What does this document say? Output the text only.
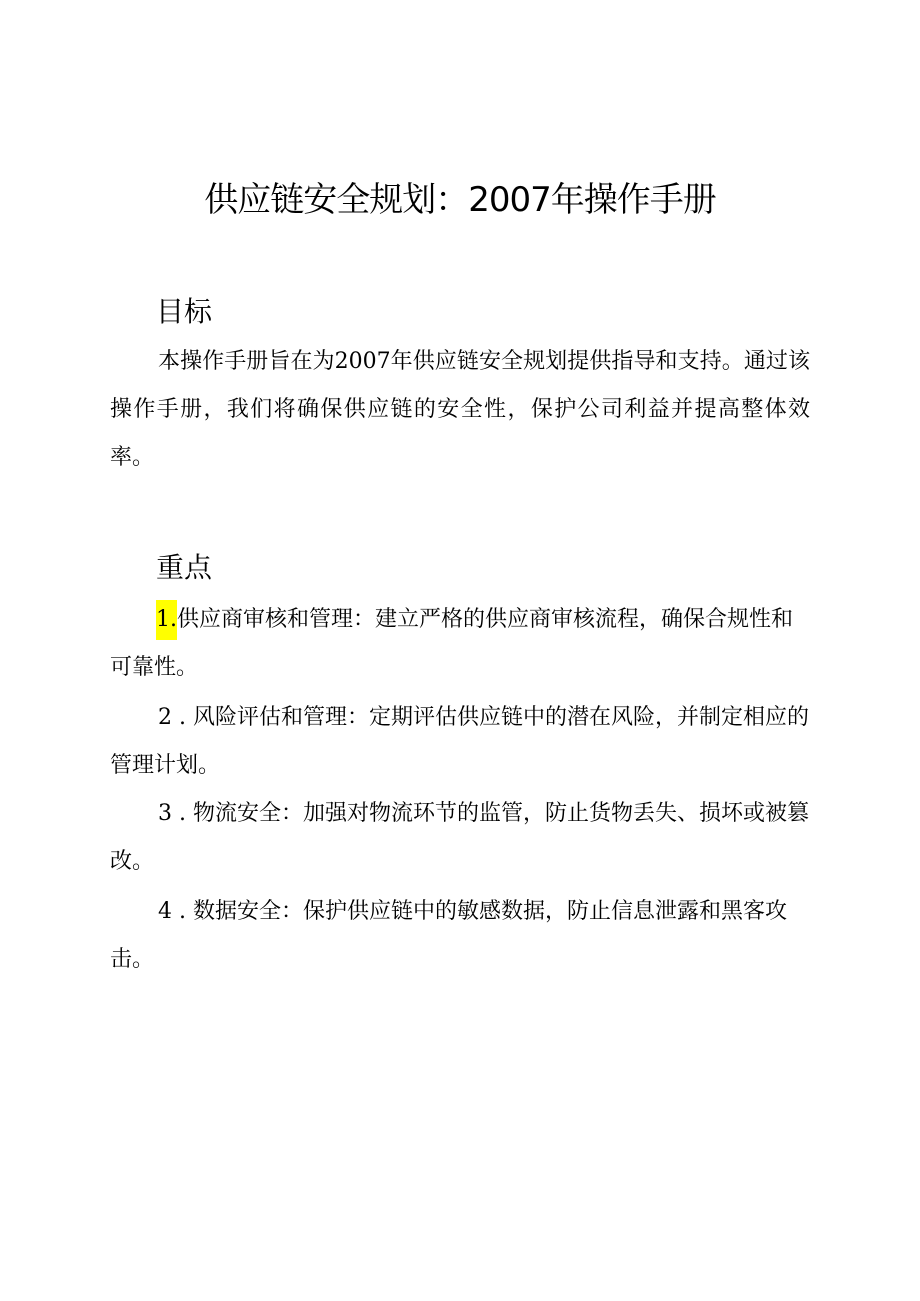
供应链安全规划：2007年操作手册
目标

本操作手册旨在为2007年供应链安全规划提供指导和支持。通过该操作手册，我们将确保供应链的安全性，保护公司利益并提高整体效率。

重点

1.供应商审核和管理：建立严格的供应商审核流程，确保合规性和可靠性。

2 . 风险评估和管理：定期评估供应链中的潜在风险，并制定相应的管理计划。

3 . 物流安全：加强对物流环节的监管，防止货物丢失、损坏或被篡改。

4 . 数据安全：保护供应链中的敏感数据，防止信息泄露和黑客攻击。
